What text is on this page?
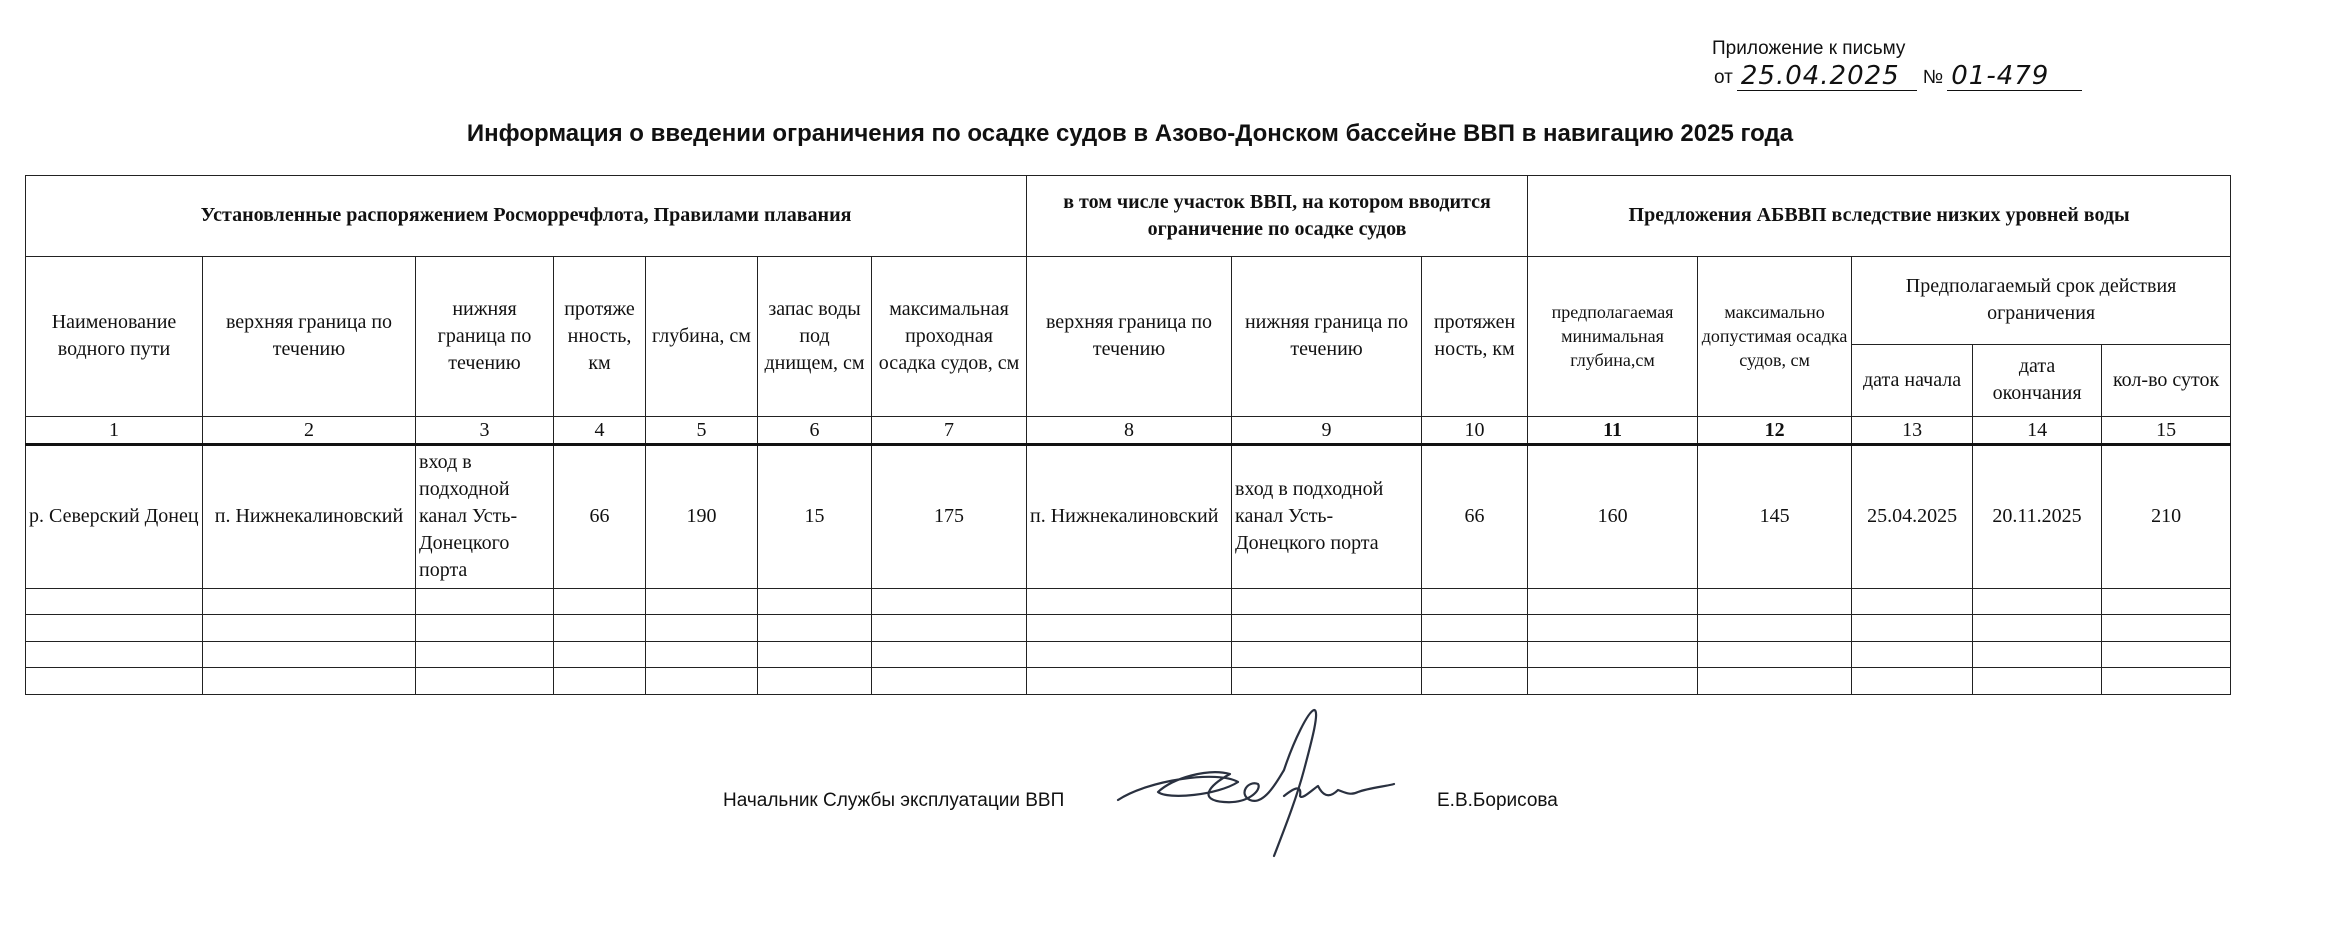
Приложение к письму
от 25.04.2025	№ 01-479
Информация о введении ограничения по осадке судов в Азово-Донском бассейне ВВП в навигацию 2025 года
Установленные распоряжением Росморречфлота, Правилами плавания							в том числе участок ВВП, на котором вводится ограничение по осадке судов			Предложения АБВВП вследствие низких уровней воды				
Наименование водного пути	верхняя граница по течению	нижняя граница по течению	протяже нность, км	глубина, см	запас воды под днищем, см	максимальная проходная осадка судов, см	верхняя граница по течению	нижняя граница по течению	протяжен ность, км	предполагаемая минимальная глубина,см	максимально допустимая осадка судов, см	Предполагаемый срок действия ограничения		
												дата начала	дата окончания	кол-во суток
1	2	3	4	5	6	7	8	9	10	11	12	13	14	15
р. Северский Донец	п. Нижнекалиновский	вход в подходной канал Усть-Донецкого порта	66	190	15	175	п. Нижнекалиновский	вход в подходной канал Усть-Донецкого порта	66	160	145	25.04.2025	20.11.2025	210

Начальник Службы эксплуатации ВВП	Е.В.Борисова
